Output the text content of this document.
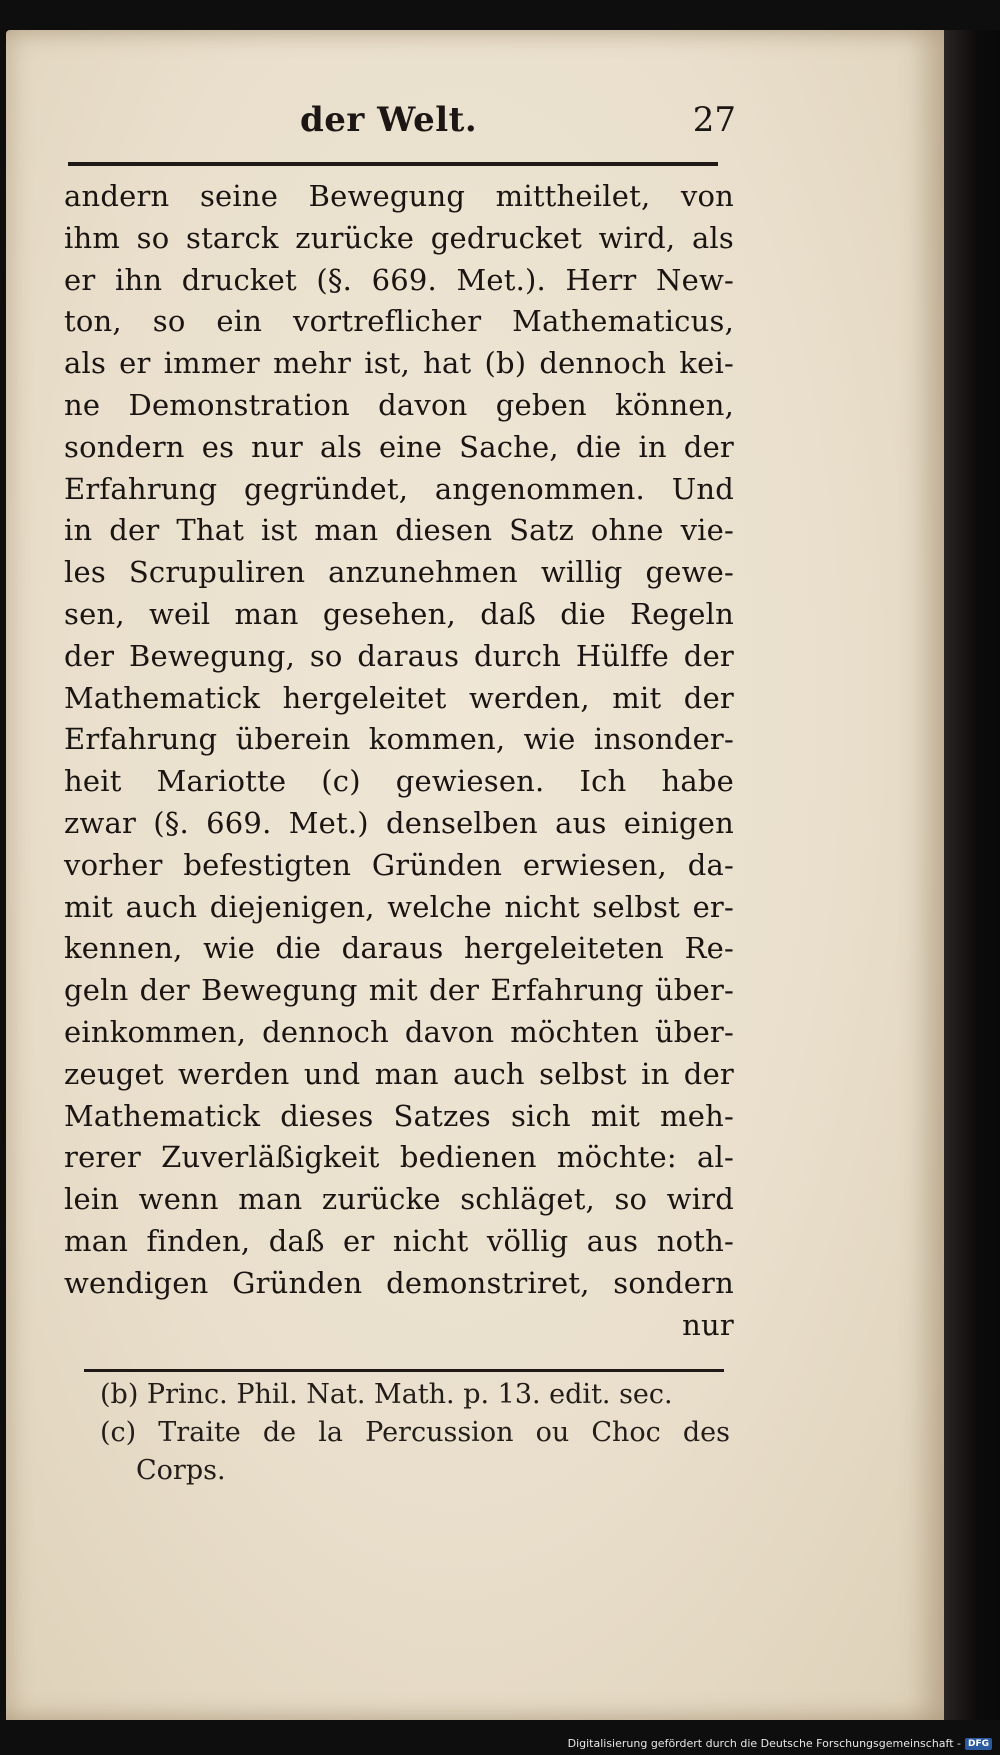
der Welt.	27
andern seine Bewegung mittheilet, von
ihm so starck zurücke gedrucket wird, als
er ihn drucket (§. 669. Met.). Herr New-
ton, so ein vortreflicher Mathematicus,
als er immer mehr ist, hat (b) dennoch kei-
ne Demonstration davon geben können,
sondern es nur als eine Sache, die in der
Erfahrung gegründet, angenommen. Und
in der That ist man diesen Satz ohne vie-
les Scrupuliren anzunehmen willig gewe-
sen, weil man gesehen, daß die Regeln
der Bewegung, so daraus durch Hülffe der
Mathematick hergeleitet werden, mit der
Erfahrung überein kommen, wie insonder-
heit Mariotte (c) gewiesen. Ich habe
zwar (§. 669. Met.) denselben aus einigen
vorher befestigten Gründen erwiesen, da-
mit auch diejenigen, welche nicht selbst er-
kennen, wie die daraus hergeleiteten Re-
geln der Bewegung mit der Erfahrung über-
einkommen, dennoch davon möchten über-
zeuget werden und man auch selbst in der
Mathematick dieses Satzes sich mit meh-
rerer Zuverläßigkeit bedienen möchte: al-
lein wenn man zurücke schläget, so wird
man finden, daß er nicht völlig aus noth-
wendigen Gründen demonstriret, sondern
nur
(b) Princ. Phil. Nat. Math. p. 13. edit. sec.
(c) Traite de la Percussion ou Choc des
Corps.
Digitalisierung gefördert durch die Deutsche Forschungsgemeinschaft - DFG
